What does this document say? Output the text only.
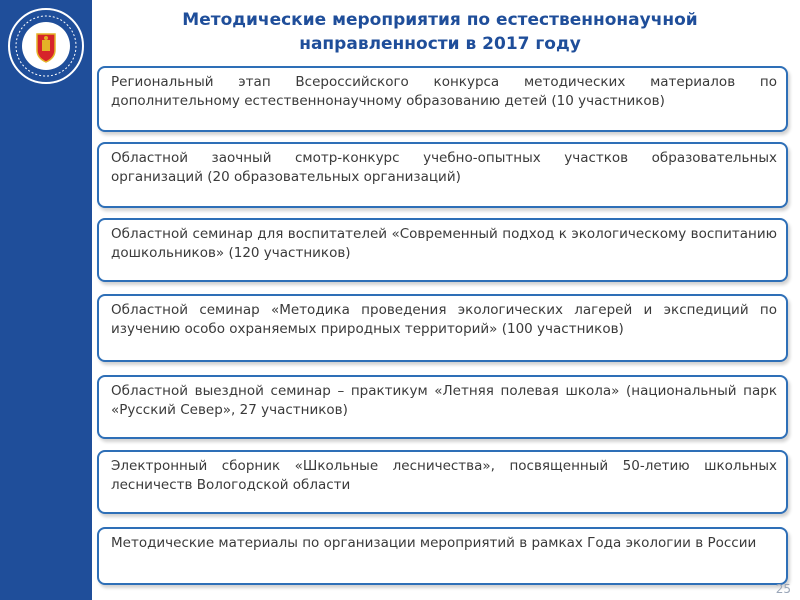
Методические мероприятия по естественнонаучной
направленности в 2017 году
Региональный этап Всероссийского конкурса методических материалов по дополнительному естественнонаучному образованию детей (10 участников)
Областной заочный смотр-конкурс учебно-опытных участков образовательных организаций (20 образовательных организаций)
Областной семинар для воспитателей «Современный подход к экологическому воспитанию дошкольников» (120 участников)
Областной семинар «Методика проведения экологических лагерей и экспедиций по изучению особо охраняемых природных территорий» (100 участников)
Областной выездной семинар – практикум «Летняя полевая школа» (национальный парк «Русский Север», 27 участников)
Электронный сборник «Школьные лесничества», посвященный 50-летию школьных лесничеств Вологодской области
Методические материалы по организации мероприятий в рамках Года экологии в России
25
